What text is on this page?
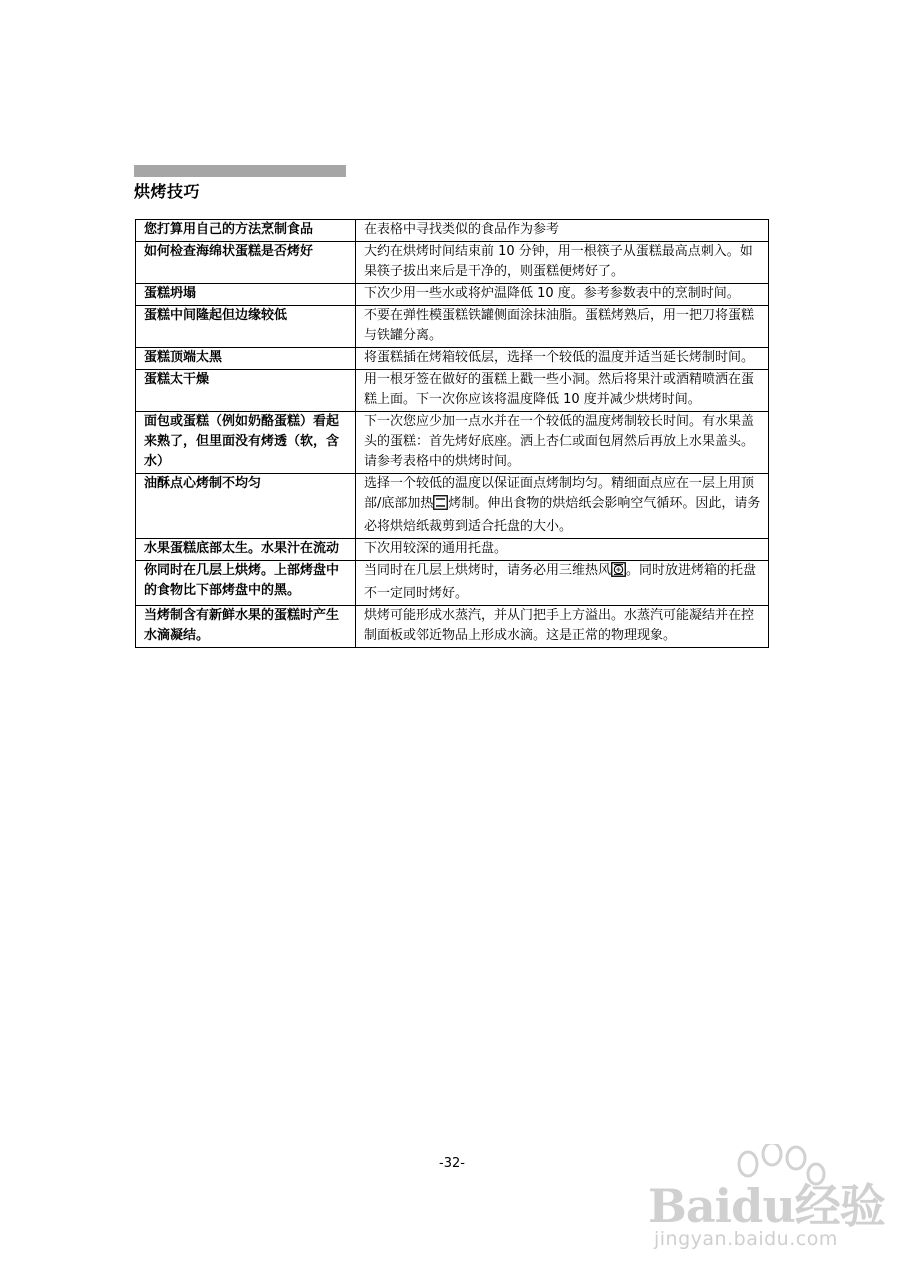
烘烤技巧
您打算用自己的方法烹制食品	在表格中寻找类似的食品作为参考
如何检查海绵状蛋糕是否烤好	大约在烘烤时间结束前 10 分钟，用一根筷子从蛋糕最高点刺入。如果筷子拔出来后是干净的，则蛋糕便烤好了。
蛋糕坍塌	下次少用一些水或将炉温降低 10 度。参考参数表中的烹制时间。
蛋糕中间隆起但边缘较低	不要在弹性模蛋糕铁罐侧面涂抹油脂。蛋糕烤熟后，用一把刀将蛋糕与铁罐分离。
蛋糕顶端太黑	将蛋糕插在烤箱较低层，选择一个较低的温度并适当延长烤制时间。
蛋糕太干燥	用一根牙签在做好的蛋糕上戳一些小洞。然后将果汁或酒精喷洒在蛋糕上面。下一次你应该将温度降低 10 度并减少烘烤时间。
面包或蛋糕（例如奶酪蛋糕）看起来熟了，但里面没有烤透（软，含水）	下一次您应少加一点水并在一个较低的温度烤制较长时间。有水果盖头的蛋糕：首先烤好底座。洒上杏仁或面包屑然后再放上水果盖头。请参考表格中的烘烤时间。
油酥点心烤制不均匀	选择一个较低的温度以保证面点烤制均匀。精细面点应在一层上用顶部/底部加热 烤制。伸出食物的烘焙纸会影响空气循环。因此，请务必将烘焙纸裁剪到适合托盘的大小。
水果蛋糕底部太生。水果汁在流动	下次用较深的通用托盘。
你同时在几层上烘烤。上部烤盘中的食物比下部烤盘中的黑。	当同时在几层上烘烤时，请务必用三维热风 。同时放进烤箱的托盘不一定同时烤好。
当烤制含有新鲜水果的蛋糕时产生水滴凝结。	烘烤可能形成水蒸汽，并从门把手上方溢出。水蒸汽可能凝结并在控制面板或邻近物品上形成水滴。这是正常的物理现象。
-32-
Baidu经验
jingyan.baidu.com
